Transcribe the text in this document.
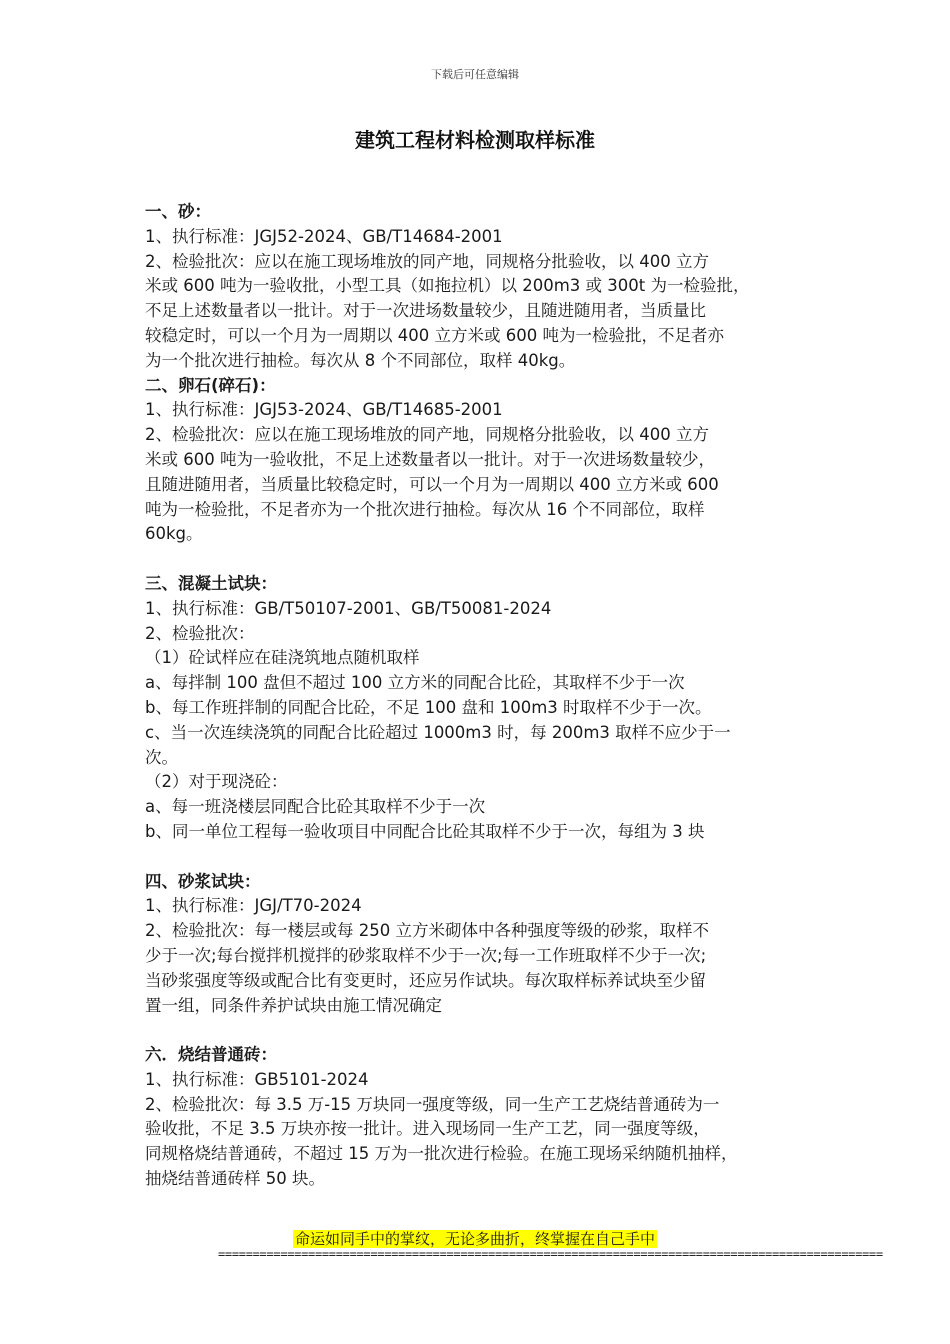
下载后可任意编辑
建筑工程材料检测取样标准

一、砂：

1、执行标准：JGJ52-2024、GB/T14684-2001

2、检验批次：应以在施工现场堆放的同产地，同规格分批验收，以 400 立方

米或 600 吨为一验收批，小型工具（如拖拉机）以 200m3 或 300t 为一检验批，

不足上述数量者以一批计。对于一次进场数量较少，且随进随用者，当质量比

较稳定时，可以一个月为一周期以 400 立方米或 600 吨为一检验批，不足者亦

为一个批次进行抽检。每次从 8 个不同部位，取样 40kg。

二、卵石(碎石)：

1、执行标准：JGJ53-2024、GB/T14685-2001

2、检验批次：应以在施工现场堆放的同产地，同规格分批验收，以 400 立方

米或 600 吨为一验收批，不足上述数量者以一批计。对于一次进场数量较少，

且随进随用者，当质量比较稳定时，可以一个月为一周期以 400 立方米或 600

吨为一检验批，不足者亦为一个批次进行抽检。每次从 16 个不同部位，取样

60kg。

三、混凝土试块：

1、执行标准：GB/T50107-2001、GB/T50081-2024

2、检验批次：

（1）砼试样应在硅浇筑地点随机取样

a、每拌制 100 盘但不超过 100 立方米的同配合比砼，其取样不少于一次

b、每工作班拌制的同配合比砼，不足 100 盘和 100m3 时取样不少于一次。

c、当一次连续浇筑的同配合比砼超过 1000m3 时，每 200m3 取样不应少于一

次。

（2）对于现浇砼：

a、每一班浇楼层同配合比砼其取样不少于一次

b、同一单位工程每一验收项目中同配合比砼其取样不少于一次，每组为 3 块

四、砂浆试块：

1、执行标准：JGJ/T70-2024

2、检验批次：每一楼层或每 250 立方米砌体中各种强度等级的砂浆，取样不

少于一次;每台搅拌机搅拌的砂浆取样不少于一次;每一工作班取样不少于一次;

当砂浆强度等级或配合比有变更时，还应另作试块。每次取样标养试块至少留

置一组，同条件养护试块由施工情况确定

六．烧结普通砖：

1、执行标准：GB5101-2024

2、检验批次：每 3.5 万-15 万块同一强度等级，同一生产工艺烧结普通砖为一

验收批，不足 3.5 万块亦按一批计。进入现场同一生产工艺，同一强度等级，

同规格烧结普通砖，不超过 15 万为一批次进行检验。在施工现场采纳随机抽样，

抽烧结普通砖样 50 块。

命运如同手中的掌纹，无论多曲折，终掌握在自己手中
================================================================================================
